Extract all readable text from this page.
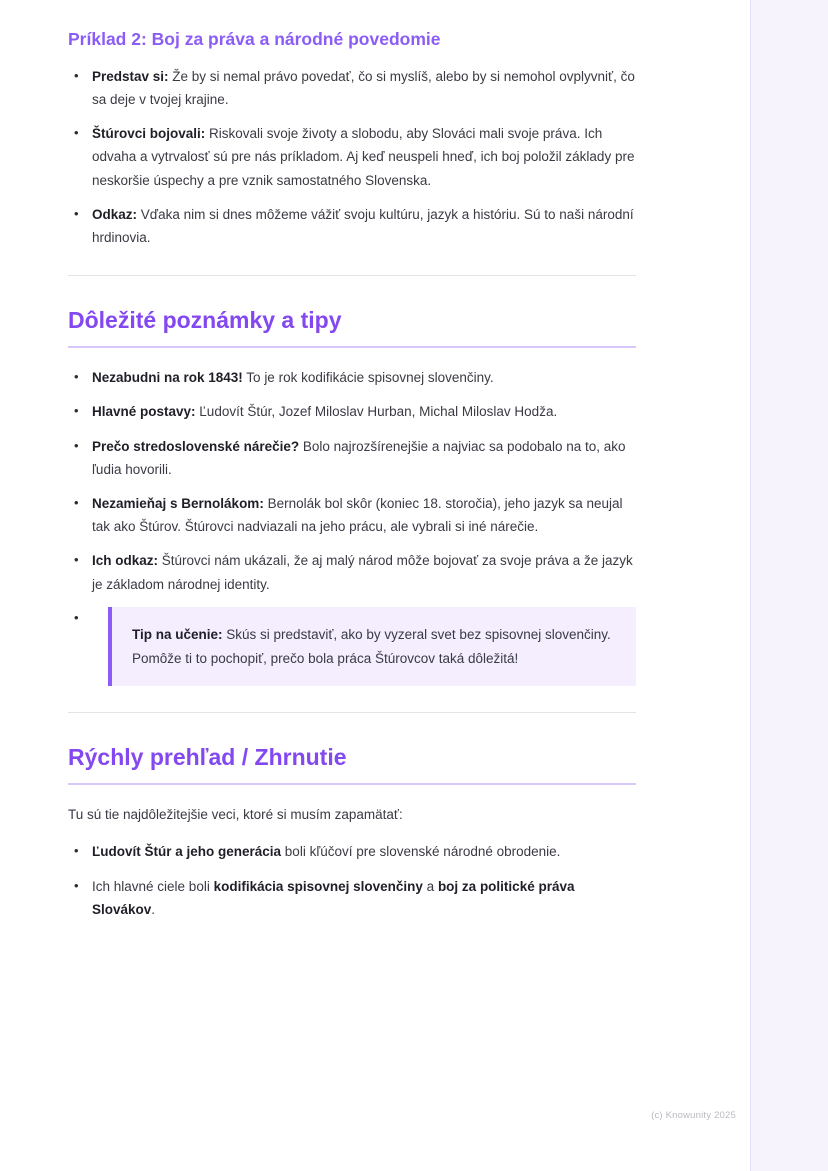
Príklad 2: Boj za práva a národné povedomie
• Predstav si: Že by si nemal právo povedať, čo si myslíš, alebo by si nemohol ovplyvniť, čo sa deje v tvojej krajine.
• Štúrovci bojovali: Riskovali svoje životy a slobodu, aby Slováci mali svoje práva. Ich odvaha a vytrvalosť sú pre nás príkladom. Aj keď neuspeli hneď, ich boj položil základy pre neskoršie úspechy a pre vznik samostatného Slovenska.
• Odkaz: Vďaka nim si dnes môžeme vážiť svoju kultúru, jazyk a históriu. Sú to naši národní hrdinovia.
Dôležité poznámky a tipy
• Nezabudni na rok 1843! To je rok kodifikácie spisovnej slovenčiny.
• Hlavné postavy: Ľudovít Štúr, Jozef Miloslav Hurban, Michal Miloslav Hodža.
• Prečo stredoslovenské nárečie? Bolo najrozšírenejšie a najviac sa podobalo na to, ako ľudia hovorili.
• Nezamieňaj s Bernolákom: Bernolák bol skôr (koniec 18. storočia), jeho jazyk sa neujal tak ako Štúrov. Štúrovci nadviazali na jeho prácu, ale vybrali si iné nárečie.
• Ich odkaz: Štúrovci nám ukázali, že aj malý národ môže bojovať za svoje práva a že jazyk je základom národnej identity.
•
Tip na učenie: Skús si predstaviť, ako by vyzeral svet bez spisovnej slovenčiny. Pomôže ti to pochopiť, prečo bola práca Štúrovcov taká dôležitá!
Rýchly prehľad / Zhrnutie

Tu sú tie najdôležitejšie veci, ktoré si musím zapamätať:

• Ľudovít Štúr a jeho generácia boli kľúčoví pre slovenské národné obrodenie.
• Ich hlavné ciele boli kodifikácia spisovnej slovenčiny a boj za politické práva Slovákov.
(c) Knowunity 2025
